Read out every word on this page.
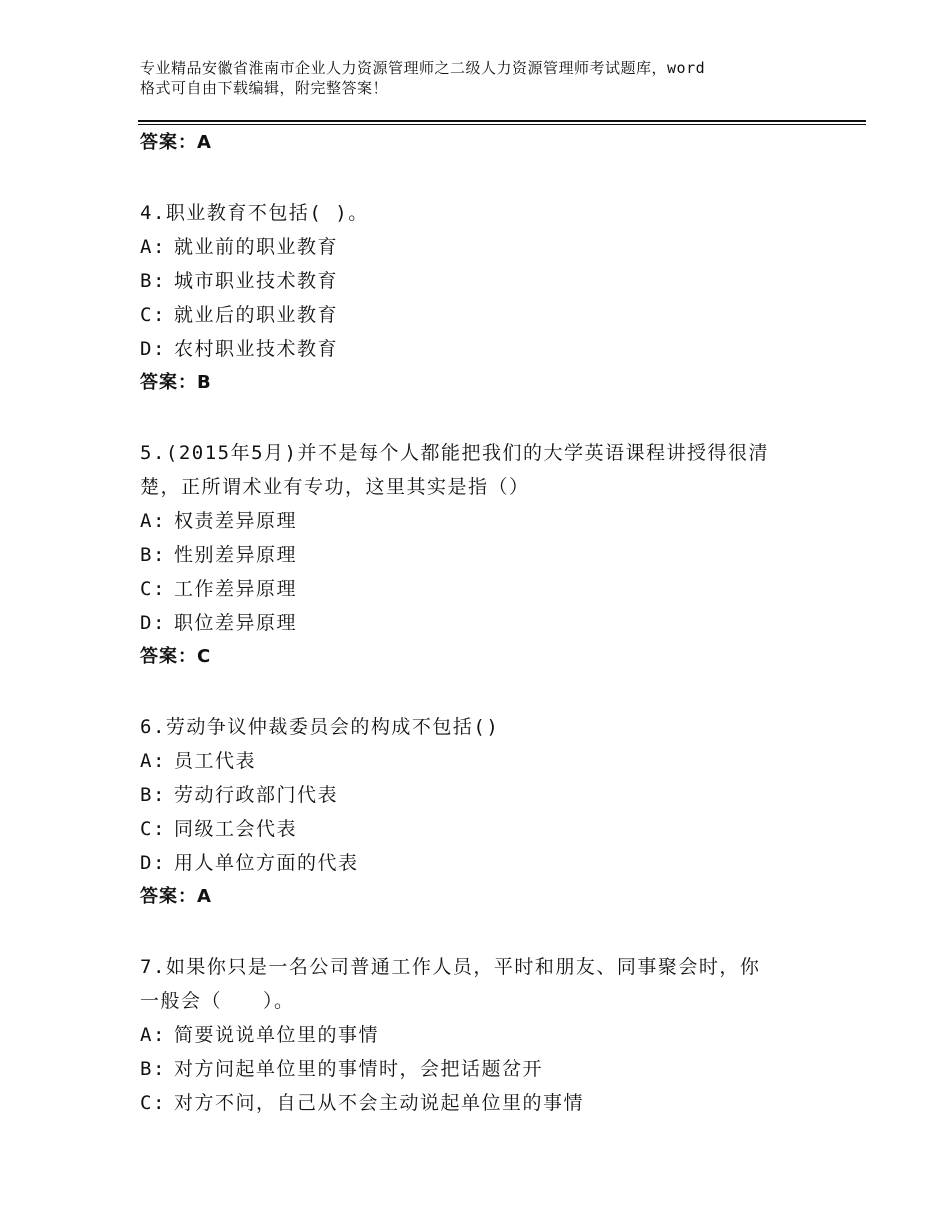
专业精品安徽省淮南市企业人力资源管理师之二级人力资源管理师考试题库，word
格式可自由下载编辑，附完整答案！
答案：A
4.职业教育不包括( )。
A: 就业前的职业教育
B: 城市职业技术教育
C: 就业后的职业教育
D: 农村职业技术教育
答案：B
5.(2015年5月)并不是每个人都能把我们的大学英语课程讲授得很清
楚，正所谓术业有专功，这里其实是指（）
A: 权责差异原理
B: 性别差异原理
C: 工作差异原理
D: 职位差异原理
答案：C
6.劳动争议仲裁委员会的构成不包括()
A: 员工代表
B: 劳动行政部门代表
C: 同级工会代表
D: 用人单位方面的代表
答案：A
7.如果你只是一名公司普通工作人员，平时和朋友、同事聚会时，你
一般会（　　）。
A: 简要说说单位里的事情
B: 对方问起单位里的事情时，会把话题岔开
C: 对方不问，自己从不会主动说起单位里的事情
